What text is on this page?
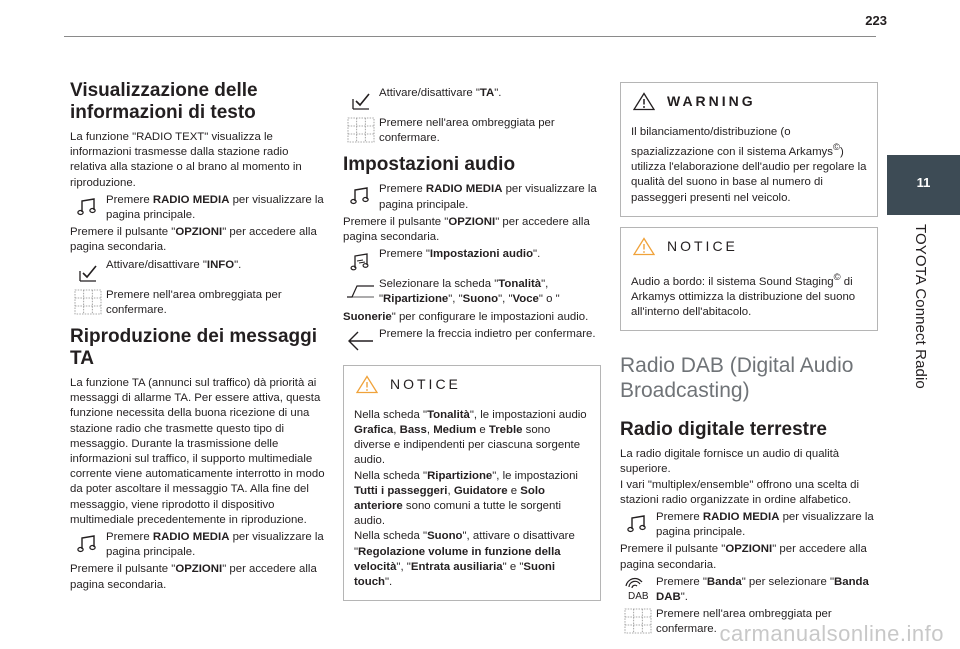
223
11
TOYOTA Connect Radio
Visualizzazione delle informazioni di testo

La funzione "RADIO TEXT" visualizza le informazioni trasmesse dalla stazione radio relativa alla stazione o al brano al momento in riproduzione.

Premere RADIO MEDIA per visualizzare la pagina principale.

Premere il pulsante "OPZIONI" per accedere alla pagina secondaria.

Attivare/disattivare "INFO".
Premere nell'area ombreggiata per confermare.
Riproduzione dei messaggi TA

La funzione TA (annunci sul traffico) dà priorità ai messaggi di allarme TA. Per essere attiva, questa funzione necessita della buona ricezione di una stazione radio che trasmette questo tipo di messaggio. Durante la trasmissione delle informazioni sul traffico, il supporto multimediale corrente viene automaticamente interrotto in modo da poter ascoltare il messaggio TA. Alla fine del messaggio, viene riprodotto il dispositivo multimediale precedentemente in riproduzione.

Premere RADIO MEDIA per visualizzare la pagina principale.

Premere il pulsante "OPZIONI" per accedere alla pagina secondaria.

Attivare/disattivare "TA".
Premere nell'area ombreggiata per confermare.
Impostazioni audio
Premere RADIO MEDIA per visualizzare la pagina principale.

Premere il pulsante "OPZIONI" per accedere alla pagina secondaria.

Premere "Impostazioni audio".
Selezionare la scheda "Tonalità", "Ripartizione", "Suono", "Voce" o "

Suonerie" per configurare le impostazioni audio.

Premere la freccia indietro per confermare.
NOTICE

Nella scheda "Tonalità", le impostazioni audio Grafica, Bass, Medium e Treble sono diverse e indipendenti per ciascuna sorgente audio.

Nella scheda "Ripartizione", le impostazioni Tutti i passeggeri, Guidatore e Solo anteriore sono comuni a tutte le sorgenti audio.

Nella scheda "Suono", attivare o disattivare "Regolazione volume in funzione della velocità", "Entrata ausiliaria" e "Suoni touch".

WARNING

Il bilanciamento/distribuzione (o spazializzazione con il sistema Arkamys©) utilizza l'elaborazione dell'audio per regolare la qualità del suono in base al numero di passeggeri presenti nel veicolo.

NOTICE

Audio a bordo: il sistema Sound Staging© di Arkamys ottimizza la distribuzione del suono all'interno dell'abitacolo.

Radio DAB (Digital Audio Broadcasting)
Radio digitale terrestre

La radio digitale fornisce un audio di qualità superiore.

I vari "multiplex/ensemble" offrono una scelta di stazioni radio organizzate in ordine alfabetico.

Premere RADIO MEDIA per visualizzare la pagina principale.

Premere il pulsante "OPZIONI" per accedere alla pagina secondaria.

DAB
Premere "Banda" per selezionare "Banda DAB".
Premere nell'area ombreggiata per confermare. carmanualsonline.info
